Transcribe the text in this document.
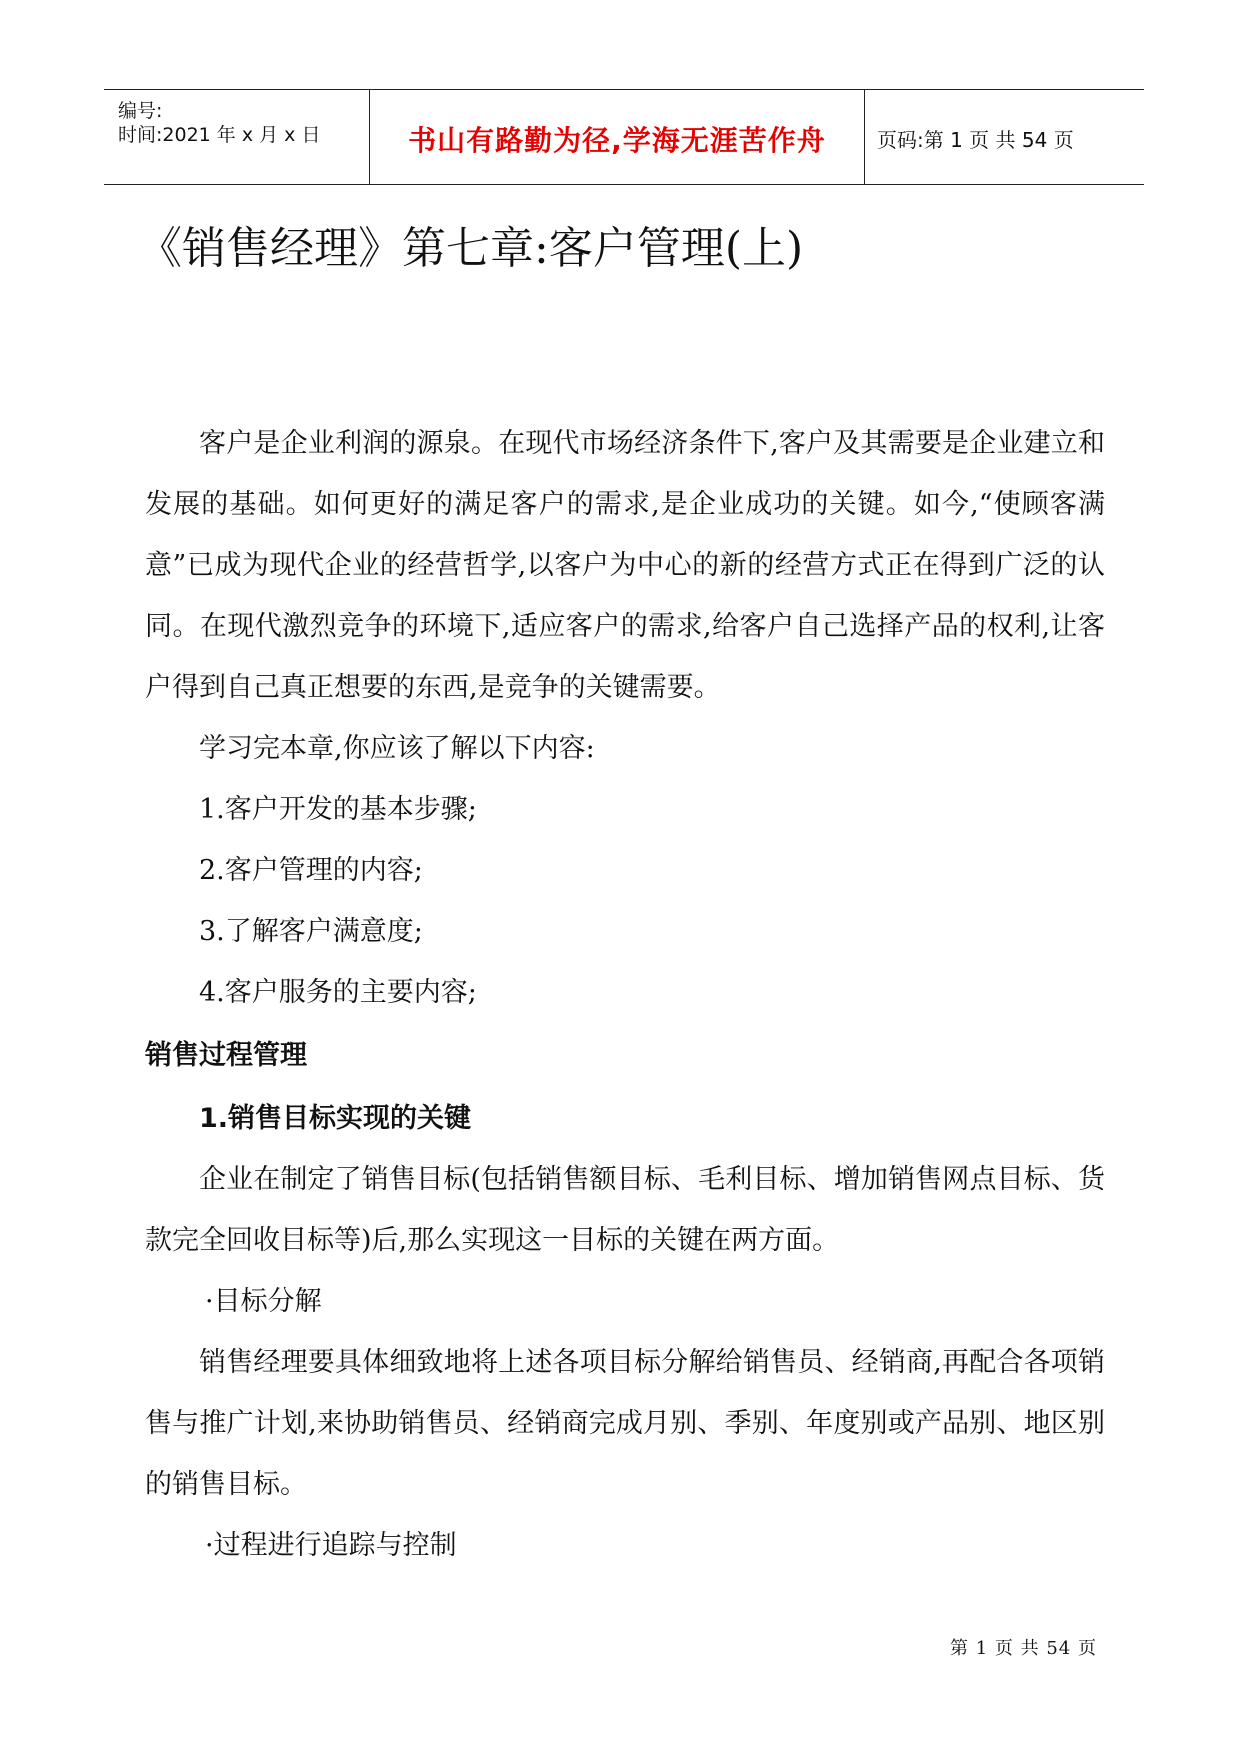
编号:
时间:2021 年 x 月 x 日	书山有路勤为径,学海无涯苦作舟	页码:第 1 页 共 54 页
《销售经理》第七章:客户管理(上)

客户是企业利润的源泉。在现代市场经济条件下,客户及其需要是企业建立和发展的基础。如何更好的满足客户的需求,是企业成功的关键。如今,“使顾客满意”已成为现代企业的经营哲学,以客户为中心的新的经营方式正在得到广泛的认同。在现代激烈竞争的环境下,适应客户的需求,给客户自己选择产品的权利,让客户得到自己真正想要的东西,是竞争的关键需要。

学习完本章,你应该了解以下内容:

1.客户开发的基本步骤;

2.客户管理的内容;

3.了解客户满意度;

4.客户服务的主要内容;

销售过程管理

1.销售目标实现的关键

企业在制定了销售目标(包括销售额目标、毛利目标、增加销售网点目标、货款完全回收目标等)后,那么实现这一目标的关键在两方面。

·目标分解

销售经理要具体细致地将上述各项目标分解给销售员、经销商,再配合各项销售与推广计划,来协助销售员、经销商完成月别、季别、年度别或产品别、地区别的销售目标。

·过程进行追踪与控制

第 1 页 共 54 页
